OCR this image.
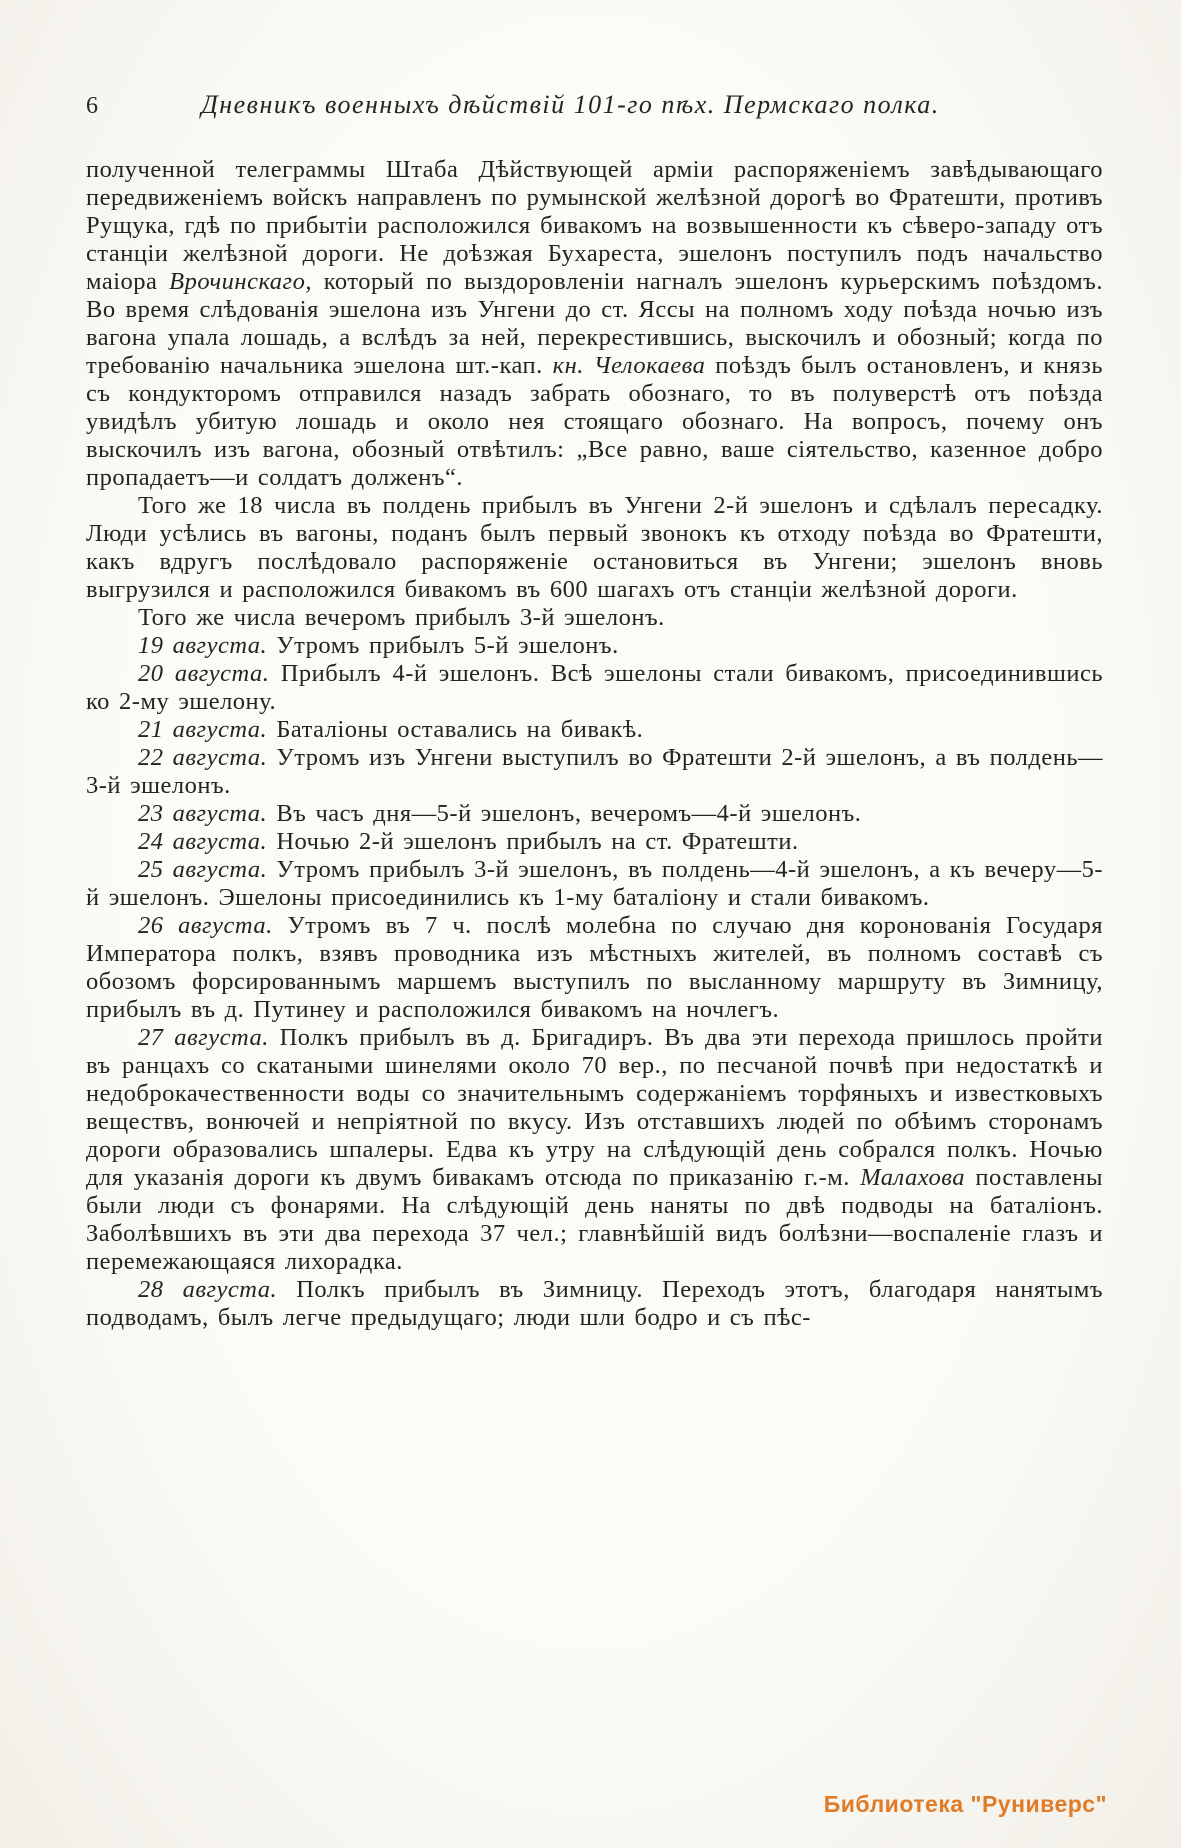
6	Дневникъ военныхъ дѣйствій 101-го пѣх. Пермскаго полка.

полученной телеграммы Штаба Дѣйствующей арміи распоряженіемъ завѣдывающаго передвиженіемъ войскъ направленъ по румынской желѣзной дорогѣ во Фратешти, противъ Рущука, гдѣ по прибытіи расположился бивакомъ на возвышенности къ сѣверо-западу отъ станціи желѣзной дороги. Не доѣзжая Бухареста, эшелонъ поступилъ подъ начальство маіора Врочинскаго, который по выздоровленіи нагналъ эшелонъ курьерскимъ поѣздомъ. Во время слѣдованія эшелона изъ Унгени до ст. Яссы на полномъ ходу поѣзда ночью изъ вагона упала лошадь, а вслѣдъ за ней, перекрестившись, выскочилъ и обозный; когда по требованію начальника эшелона шт.-кап. кн. Челокаева поѣздъ былъ остановленъ, и князь съ кондукторомъ отправился назадъ забрать обознаго, то въ полуверстѣ отъ поѣзда увидѣлъ убитую лошадь и около нея стоящаго обознаго. На вопросъ, почему онъ выскочилъ изъ вагона, обозный отвѣтилъ: „Все равно, ваше сіятельство, казенное добро пропадаетъ—и солдатъ долженъ“.

Того же 18 числа въ полдень прибылъ въ Унгени 2-й эшелонъ и сдѣлалъ пересадку. Люди усѣлись въ вагоны, поданъ былъ первый звонокъ къ отходу поѣзда во Фратешти, какъ вдругъ послѣдовало распоряженіе остановиться въ Унгени; эшелонъ вновь выгрузился и расположился бивакомъ въ 600 шагахъ отъ станціи желѣзной дороги.

Того же числа вечеромъ прибылъ 3-й эшелонъ.

19 августа. Утромъ прибылъ 5-й эшелонъ.

20 августа. Прибылъ 4-й эшелонъ. Всѣ эшелоны стали бивакомъ, присоединившись ко 2-му эшелону.

21 августа. Баталіоны оставались на бивакѣ.

22 августа. Утромъ изъ Унгени выступилъ во Фратешти 2-й эшелонъ, а въ полдень—3-й эшелонъ.

23 августа. Въ часъ дня—5-й эшелонъ, вечеромъ—4-й эшелонъ.

24 августа. Ночью 2-й эшелонъ прибылъ на ст. Фратешти.

25 августа. Утромъ прибылъ 3-й эшелонъ, въ полдень—4-й эшелонъ, а къ вечеру—5-й эшелонъ. Эшелоны присоединились къ 1-му баталіону и стали бивакомъ.

26 августа. Утромъ въ 7 ч. послѣ молебна по случаю дня коронованія Государя Императора полкъ, взявъ проводника изъ мѣстныхъ жителей, въ полномъ составѣ съ обозомъ форсированнымъ маршемъ выступилъ по высланному маршруту въ Зимницу, прибылъ въ д. Путинеу и расположился бивакомъ на ночлегъ.

27 августа. Полкъ прибылъ въ д. Бригадиръ. Въ два эти перехода пришлось пройти въ ранцахъ со скатаными шинелями около 70 вер., по песчаной почвѣ при недостаткѣ и недоброкачественности воды со значительнымъ содержаніемъ торфяныхъ и известковыхъ веществъ, вонючей и непріятной по вкусу. Изъ отставшихъ людей по обѣимъ сторонамъ дороги образовались шпалеры. Едва къ утру на слѣдующій день собрался полкъ. Ночью для указанія дороги къ двумъ бивакамъ отсюда по приказанію г.-м. Малахова поставлены были люди съ фонарями. На слѣдующій день наняты по двѣ подводы на баталіонъ. Заболѣвшихъ въ эти два перехода 37 чел.; главнѣйшій видъ болѣзни—воспаленіе глазъ и перемежающаяся лихорадка.

28 августа. Полкъ прибылъ въ Зимницу. Переходъ этотъ, благодаря нанятымъ подводамъ, былъ легче предыдущаго; люди шли бодро и съ пѣс-

Библиотека "Руниверс"
